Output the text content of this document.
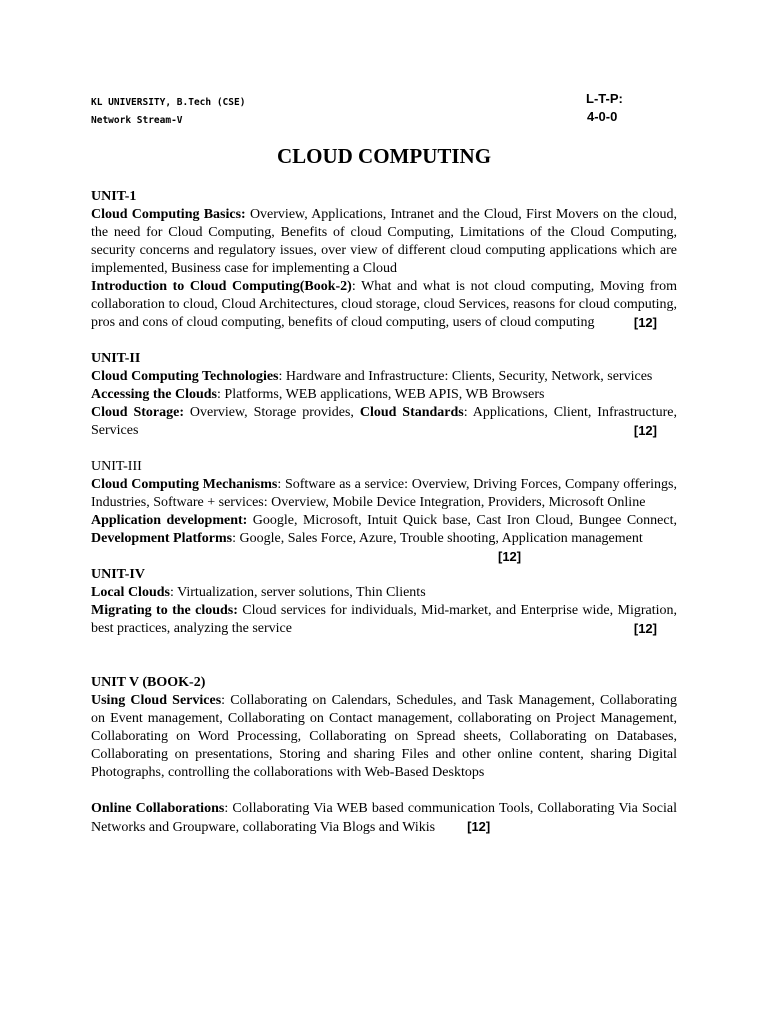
KL UNIVERSITY, B.Tech (CSE)
Network Stream-V
L-T-P:
4-0-0
CLOUD COMPUTING

UNIT-1

Cloud Computing Basics: Overview, Applications, Intranet and the Cloud, First Movers on the cloud, the need for Cloud Computing, Benefits of cloud Computing, Limitations of the Cloud Computing, security concerns and regulatory issues, over view of different cloud computing applications which are implemented, Business case for implementing a Cloud

Introduction to Cloud Computing(Book-2): What and what is not cloud computing, Moving from collaboration to cloud, Cloud Architectures, cloud storage, cloud Services, reasons for cloud computing, pros and cons of cloud computing, benefits of cloud computing, users of cloud computing	[12]

UNIT-II

Cloud Computing Technologies: Hardware and Infrastructure: Clients, Security, Network, services

Accessing the Clouds: Platforms, WEB applications, WEB APIS, WB Browsers

Cloud Storage: Overview, Storage provides, Cloud Standards: Applications, Client, Infrastructure, Services	[12]

UNIT-III

Cloud Computing Mechanisms: Software as a service: Overview, Driving Forces, Company offerings, Industries, Software + services: Overview, Mobile Device Integration, Providers, Microsoft Online

Application development: Google, Microsoft, Intuit Quick base, Cast Iron Cloud, Bungee Connect, Development Platforms: Google, Sales Force, Azure, Trouble shooting, Application management

[12]

UNIT-IV

Local Clouds: Virtualization, server solutions, Thin Clients

Migrating to the clouds: Cloud services for individuals, Mid-market, and Enterprise wide, Migration, best practices, analyzing the service	[12]

UNIT V (BOOK-2)

Using Cloud Services: Collaborating on Calendars, Schedules, and Task Management, Collaborating on Event management, Collaborating on Contact management, collaborating on Project Management, Collaborating on Word Processing, Collaborating on Spread sheets, Collaborating on Databases, Collaborating on presentations, Storing and sharing Files and other online content, sharing Digital Photographs, controlling the collaborations with Web-Based Desktops

Online Collaborations: Collaborating Via WEB based communication Tools, Collaborating Via Social Networks and Groupware, collaborating Via Blogs and Wikis [12]
